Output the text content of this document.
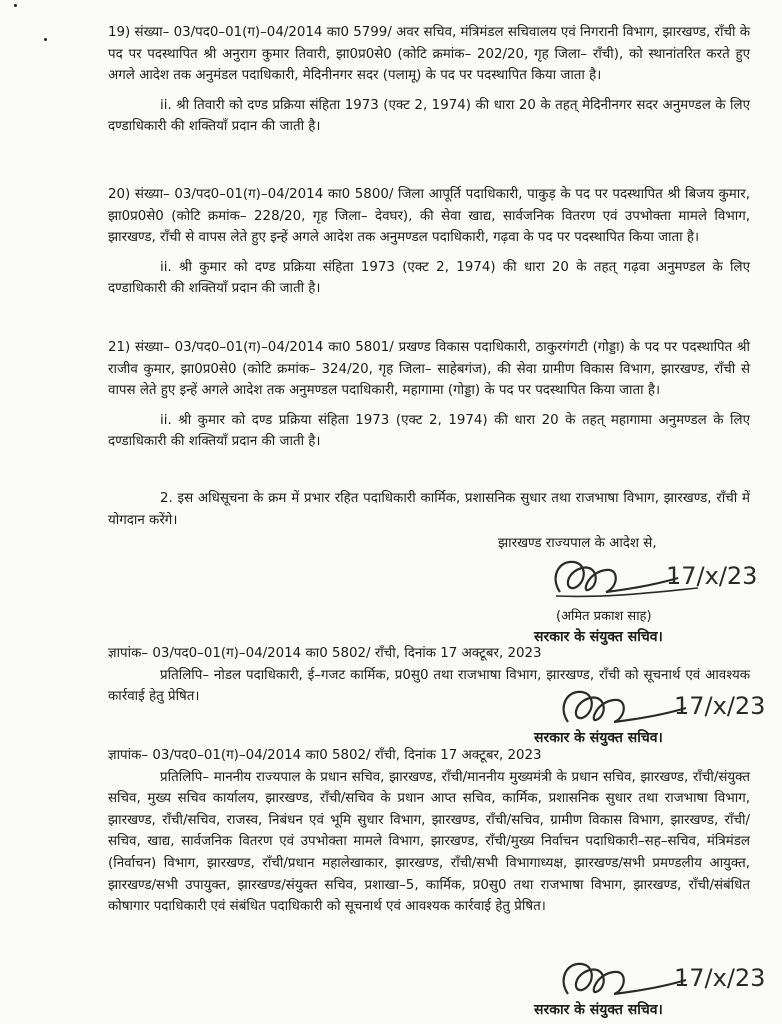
19) संख्या– 03/पद0–01(ग)–04/2014 का0 5799/ अवर सचिव, मंत्रिमंडल सचिवालय एवं निगरानी विभाग, झारखण्ड, राँची के पद पर पदस्थापित श्री अनुराग कुमार तिवारी, झा0प्र0से0 (कोटि क्रमांक– 202/20, गृह जिला– राँची), को स्थानांतरित करते हुए अगले आदेश तक अनुमंडल पदाधिकारी, मेदिनीनगर सदर (पलामू) के पद पर पदस्थापित किया जाता है।

ii. श्री तिवारी को दण्ड प्रक्रिया संहिता 1973 (एक्ट 2, 1974) की धारा 20 के तहत् मेदिनीनगर सदर अनुमण्डल के लिए दण्डाधिकारी की शक्तियाँ प्रदान की जाती है।

20) संख्या– 03/पद0–01(ग)–04/2014 का0 5800/ जिला आपूर्ति पदाधिकारी, पाकुड़ के पद पर पदस्थापित श्री बिजय कुमार, झा0प्र0से0 (कोटि क्रमांक– 228/20, गृह जिला– देवघर), की सेवा खाद्य, सार्वजनिक वितरण एवं उपभोक्ता मामले विभाग, झारखण्ड, राँची से वापस लेते हुए इन्हें अगले आदेश तक अनुमण्डल पदाधिकारी, गढ़वा के पद पर पदस्थापित किया जाता है।

ii. श्री कुमार को दण्ड प्रक्रिया संहिता 1973 (एक्ट 2, 1974) की धारा 20 के तहत् गढ़वा अनुमण्डल के लिए दण्डाधिकारी की शक्तियाँ प्रदान की जाती है।

21) संख्या– 03/पद0–01(ग)–04/2014 का0 5801/ प्रखण्ड विकास पदाधिकारी, ठाकुरगंगटी (गोड्डा) के पद पर पदस्थापित श्री राजीव कुमार, झा0प्र0से0 (कोटि क्रमांक– 324/20, गृह जिला– साहेबगंज), की सेवा ग्रामीण विकास विभाग, झारखण्ड, राँची से वापस लेते हुए इन्हें अगले आदेश तक अनुमण्डल पदाधिकारी, महागामा (गोड्डा) के पद पर पदस्थापित किया जाता है।

ii. श्री कुमार को दण्ड प्रक्रिया संहिता 1973 (एक्ट 2, 1974) की धारा 20 के तहत् महागामा अनुमण्डल के लिए दण्डाधिकारी की शक्तियाँ प्रदान की जाती है।

2. इस अधिसूचना के क्रम में प्रभार रहित पदाधिकारी कार्मिक, प्रशासनिक सुधार तथा राजभाषा विभाग, झारखण्ड, राँची में योगदान करेंगे।
झारखण्ड राज्यपाल के आदेश से,
17/x/23
(अमित प्रकाश साह)
सरकार के संयुक्त सचिव।

ज्ञापांक– 03/पद0–01(ग)–04/2014 का0 5802/ राँची, दिनांक 17 अक्टूबर, 2023

प्रतिलिपि– नोडल पदाधिकारी, ई–गजट कार्मिक, प्र0सु0 तथा राजभाषा विभाग, झारखण्ड, राँची को सूचनार्थ एवं आवश्यक कार्रवाई हेतु प्रेषित।	17/x/23
सरकार के संयुक्त सचिव।

ज्ञापांक– 03/पद0–01(ग)–04/2014 का0 5802/ राँची, दिनांक 17 अक्टूबर, 2023

प्रतिलिपि– माननीय राज्यपाल के प्रधान सचिव, झारखण्ड, राँची/माननीय मुख्यमंत्री के प्रधान सचिव, झारखण्ड, राँची/संयुक्त सचिव, मुख्य सचिव कार्यालय, झारखण्ड, राँची/सचिव के प्रधान आप्त सचिव, कार्मिक, प्रशासनिक सुधार तथा राजभाषा विभाग, झारखण्ड, राँची/सचिव, राजस्व, निबंधन एवं भूमि सुधार विभाग, झारखण्ड, राँची/सचिव, ग्रामीण विकास विभाग, झारखण्ड, राँची/सचिव, खाद्य, सार्वजनिक वितरण एवं उपभोक्ता मामले विभाग, झारखण्ड, राँची/मुख्य निर्वाचन पदाधिकारी–सह–सचिव, मंत्रिमंडल (निर्वाचन) विभाग, झारखण्ड, राँची/प्रधान महालेखाकार, झारखण्ड, राँची/सभी विभागाध्यक्ष, झारखण्ड/सभी प्रमण्डलीय आयुक्त, झारखण्ड/सभी उपायुक्त, झारखण्ड/संयुक्त सचिव, प्रशाखा–5, कार्मिक, प्र0सु0 तथा राजभाषा विभाग, झारखण्ड, राँची/संबंधित कोषागार पदाधिकारी एवं संबंधित पदाधिकारी को सूचनार्थ एवं आवश्यक कार्रवाई हेतु प्रेषित।

17/x/23
सरकार के संयुक्त सचिव।
